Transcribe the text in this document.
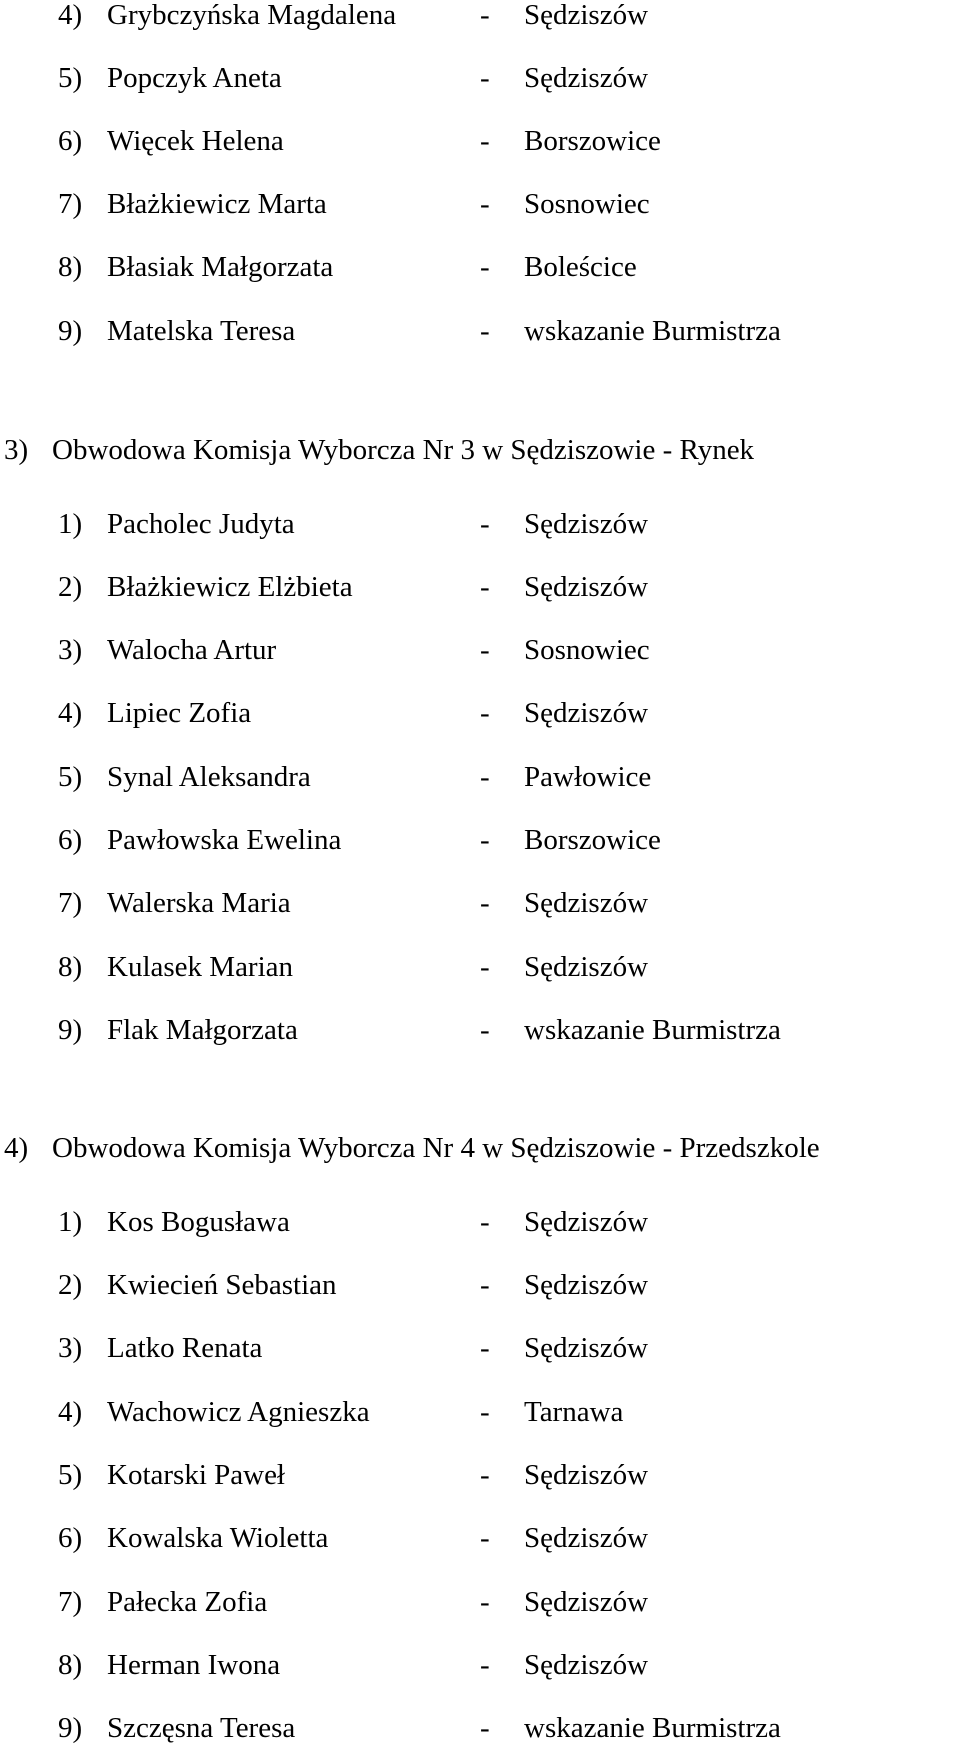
4) Grybczyńska Magdalena	- Sędziszów
5) Popczyk Aneta	- Sędziszów
6) Więcek Helena	- Borszowice
7) Błażkiewicz Marta	- Sosnowiec
8) Błasiak Małgorzata	- Boleścice
9) Matelska Teresa	- wskazanie Burmistrza
3) Obwodowa Komisja Wyborcza Nr 3 w Sędziszowie - Rynek
1) Pacholec Judyta	- Sędziszów
2) Błażkiewicz Elżbieta	- Sędziszów
3) Walocha Artur	- Sosnowiec
4) Lipiec Zofia	- Sędziszów
5) Synal Aleksandra	- Pawłowice
6) Pawłowska Ewelina	- Borszowice
7) Walerska Maria	- Sędziszów
8) Kulasek Marian	- Sędziszów
9) Flak Małgorzata	- wskazanie Burmistrza
4) Obwodowa Komisja Wyborcza Nr 4 w Sędziszowie - Przedszkole
1) Kos Bogusława	- Sędziszów
2) Kwiecień Sebastian	- Sędziszów
3) Latko Renata	- Sędziszów
4) Wachowicz Agnieszka	- Tarnawa
5) Kotarski Paweł	- Sędziszów
6) Kowalska Wioletta	- Sędziszów
7) Pałecka Zofia	- Sędziszów
8) Herman Iwona	- Sędziszów
9) Szczęsna Teresa	- wskazanie Burmistrza
